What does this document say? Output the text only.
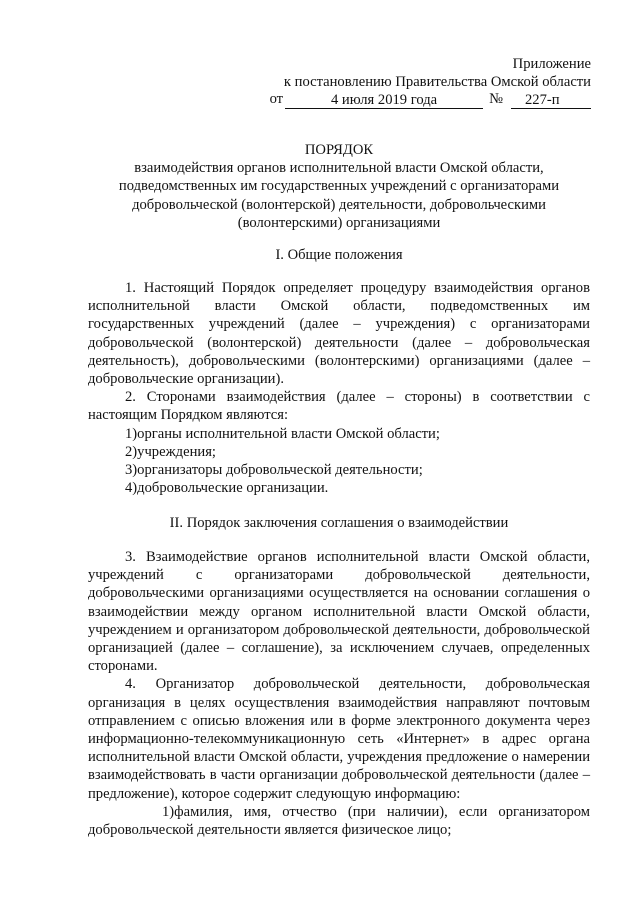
Приложение
к постановлению Правительства Омской области
от	4 июля 2019 года	№	227-п

ПОРЯДОК

взаимодействия органов исполнительной власти Омской области,

подведомственных им государственных учреждений с организаторами

добровольческой (волонтерской) деятельности, добровольческими

(волонтерскими) организациями

I. Общие положения

1. Настоящий Порядок определяет процедуру взаимодействия органов исполнительной власти Омской области, подведомственных им государственных учреждений (далее – учреждения) с организаторами добровольческой (волонтерской) деятельности (далее – добровольческая деятельность), добровольческими (волонтерскими) организациями (далее – добровольческие организации).

2. Сторонами взаимодействия (далее – стороны) в соответствии с настоящим Порядком являются:

1)органы исполнительной власти Омской области;

2)учреждения;

3)организаторы добровольческой деятельности;

4)добровольческие организации.

II. Порядок заключения соглашения о взаимодействии

3. Взаимодействие органов исполнительной власти Омской области, учреждений с организаторами добровольческой деятельности, добровольческими организациями осуществляется на основании соглашения о взаимодействии между органом исполнительной власти Омской области, учреждением и организатором добровольческой деятельности, добровольческой организацией (далее – соглашение), за исключением случаев, определенных сторонами.

4. Организатор добровольческой деятельности, добровольческая организация в целях осуществления взаимодействия направляют почтовым отправлением с описью вложения или в форме электронного документа через информационно-телекоммуникационную сеть «Интернет» в адрес органа исполнительной власти Омской области, учреждения предложение о намерении взаимодействовать в части организации добровольческой деятельности (далее – предложение), которое содержит следующую информацию:

1)фамилия, имя, отчество (при наличии), если организатором добровольческой деятельности является физическое лицо;
